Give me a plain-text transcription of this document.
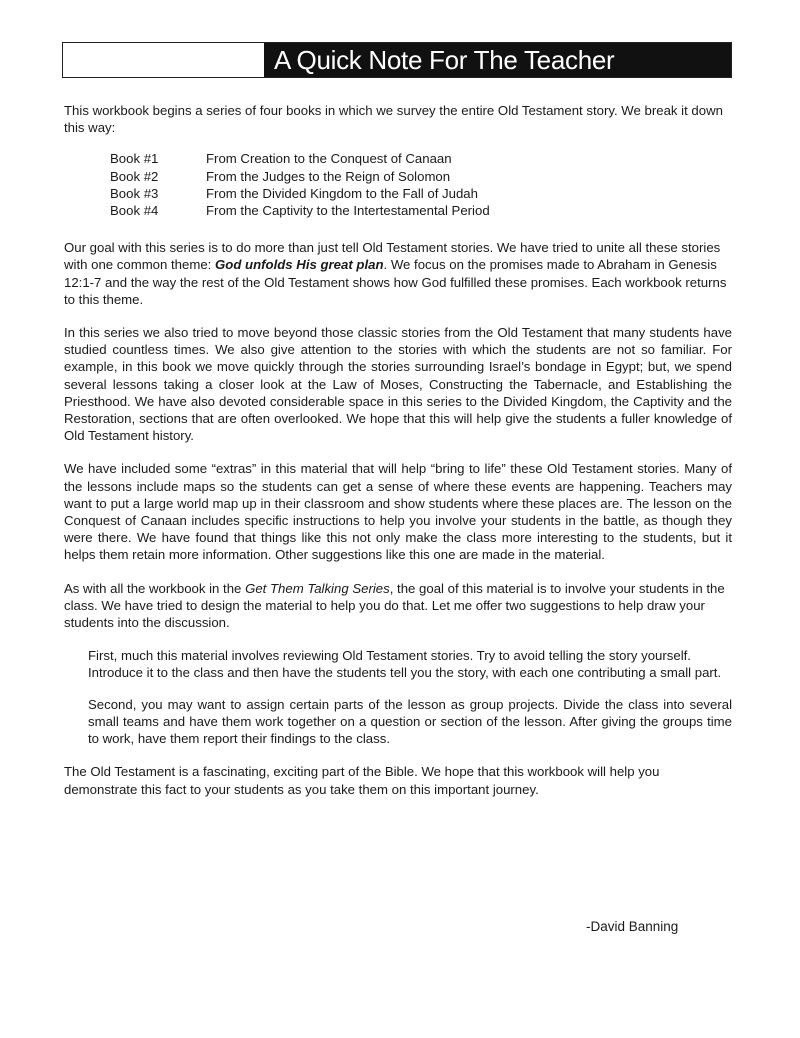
A Quick Note For The Teacher

This workbook begins a series of four books in which we survey the entire Old Testament story. We break it down this way:

Book #1	From Creation to the Conquest of Canaan
Book #2	From the Judges to the Reign of Solomon
Book #3	From the Divided Kingdom to the Fall of Judah
Book #4	From the Captivity to the Intertestamental Period

Our goal with this series is to do more than just tell Old Testament stories. We have tried to unite all these stories with one common theme: God unfolds His great plan. We focus on the promises made to Abraham in Genesis 12:1-7 and the way the rest of the Old Testament shows how God fulfilled these promises. Each workbook returns to this theme.

In this series we also tried to move beyond those classic stories from the Old Testament that many students have studied countless times. We also give attention to the stories with which the students are not so familiar. For example, in this book we move quickly through the stories surrounding Israel’s bondage in Egypt; but, we spend several lessons taking a closer look at the Law of Moses, Constructing the Tabernacle, and Establishing the Priesthood. We have also devoted considerable space in this series to the Divided Kingdom, the Captivity and the Restoration, sections that are often overlooked. We hope that this will help give the students a fuller knowledge of Old Testament history.

We have included some “extras” in this material that will help “bring to life” these Old Testament stories. Many of the lessons include maps so the students can get a sense of where these events are happening. Teachers may want to put a large world map up in their classroom and show students where these places are. The lesson on the Conquest of Canaan includes specific instructions to help you involve your students in the battle, as though they were there. We have found that things like this not only make the class more interesting to the students, but it helps them retain more information. Other suggestions like this one are made in the material.

As with all the workbook in the Get Them Talking Series, the goal of this material is to involve your students in the class. We have tried to design the material to help you do that. Let me offer two suggestions to help draw your students into the discussion.

First, much this material involves reviewing Old Testament stories. Try to avoid telling the story yourself. Introduce it to the class and then have the students tell you the story, with each one contributing a small part.

Second, you may want to assign certain parts of the lesson as group projects. Divide the class into several small teams and have them work together on a question or section of the lesson. After giving the groups time to work, have them report their findings to the class.

The Old Testament is a fascinating, exciting part of the Bible. We hope that this workbook will help you demonstrate this fact to your students as you take them on this important journey.

-David Banning
